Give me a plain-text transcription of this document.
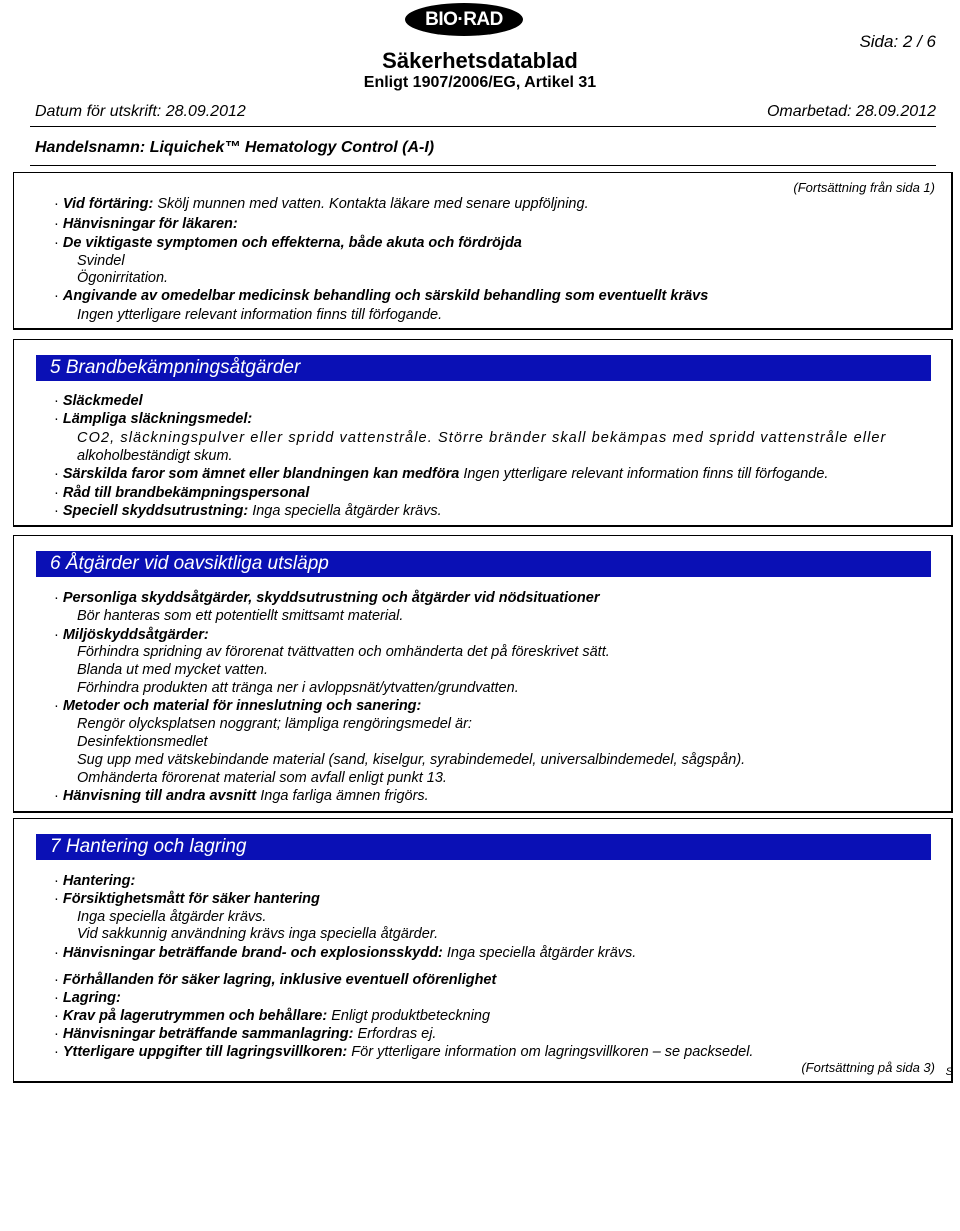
BIO·RAD
Sida: 2 / 6
Säkerhetsdatablad
Enligt 1907/2006/EG, Artikel 31
Datum för utskrift: 28.09.2012	Omarbetad: 28.09.2012
Handelsnamn: Liquichek™ Hematology Control (A-I)
(Fortsättning från sida 1)
· Vid förtäring: Skölj munnen med vatten. Kontakta läkare med senare uppföljning.
· Hänvisningar för läkaren:
· De viktigaste symptomen och effekterna, både akuta och fördröjda
Svindel
Ögonirritation.
· Angivande av omedelbar medicinsk behandling och särskild behandling som eventuellt krävs
Ingen ytterligare relevant information finns till förfogande.
5 Brandbekämpningsåtgärder
· Släckmedel
· Lämpliga släckningsmedel:
CO2, släckningspulver eller spridd vattenstråle. Större bränder skall bekämpas med spridd vattenstråle eller
alkoholbeständigt skum.
· Särskilda faror som ämnet eller blandningen kan medföra Ingen ytterligare relevant information finns till förfogande.
· Råd till brandbekämpningspersonal
· Speciell skyddsutrustning: Inga speciella åtgärder krävs.
6 Åtgärder vid oavsiktliga utsläpp
· Personliga skyddsåtgärder, skyddsutrustning och åtgärder vid nödsituationer
Bör hanteras som ett potentiellt smittsamt material.
· Miljöskyddsåtgärder:
Förhindra spridning av förorenat tvättvatten och omhänderta det på föreskrivet sätt.
Blanda ut med mycket vatten.
Förhindra produkten att tränga ner i avloppsnät/ytvatten/grundvatten.
· Metoder och material för inneslutning och sanering:
Rengör olycksplatsen noggrant; lämpliga rengöringsmedel är:
Desinfektionsmedlet
Sug upp med vätskebindande material (sand, kiselgur, syrabindemedel, universalbindemedel, sågspån).
Omhänderta förorenat material som avfall enligt punkt 13.
· Hänvisning till andra avsnitt Inga farliga ämnen frigörs.
7 Hantering och lagring
· Hantering:
· Försiktighetsmått för säker hantering
Inga speciella åtgärder krävs.
Vid sakkunnig användning krävs inga speciella åtgärder.
· Hänvisningar beträffande brand- och explosionsskydd: Inga speciella åtgärder krävs.
· Förhållanden för säker lagring, inklusive eventuell oförenlighet
· Lagring:
· Krav på lagerutrymmen och behållare: Enligt produktbeteckning
· Hänvisningar beträffande sammanlagring: Erfordras ej.
· Ytterligare uppgifter till lagringsvillkoren: För ytterligare information om lagringsvillkoren – se packsedel.
(Fortsättning på sida 3) S
